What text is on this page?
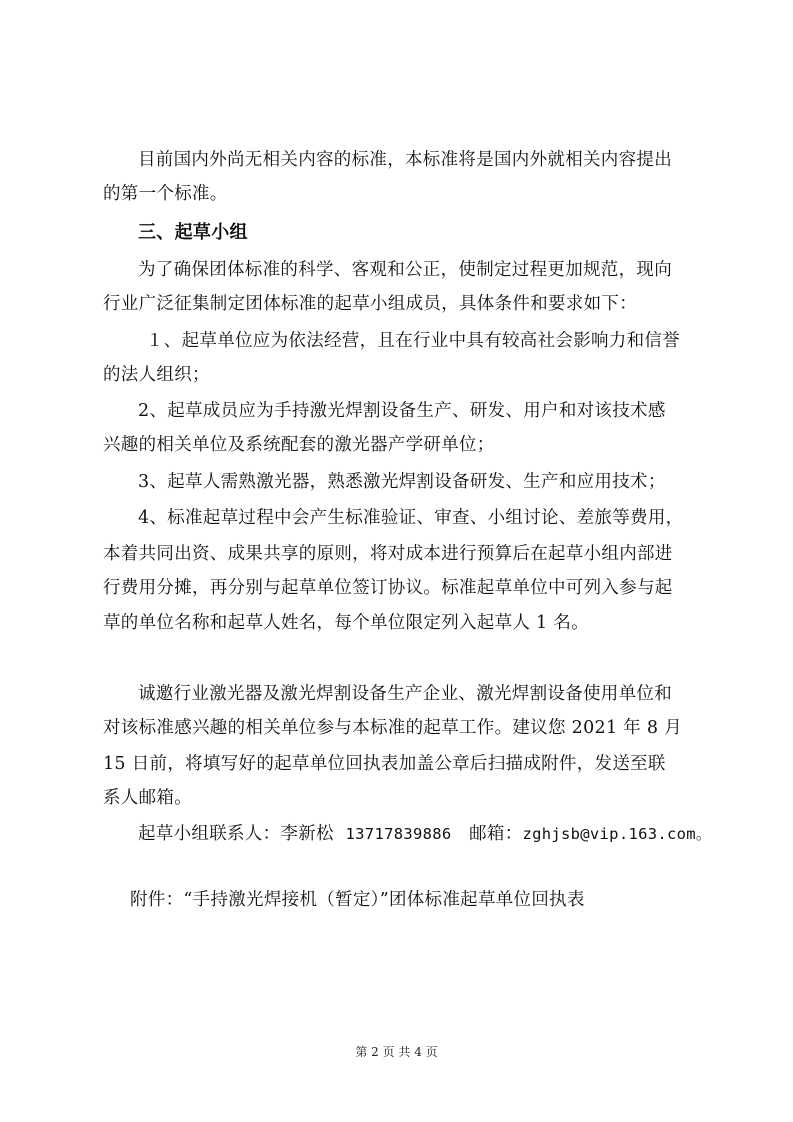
目前国内外尚无相关内容的标准，本标准将是国内外就相关内容提出
的第一个标准。
三、起草小组
为了确保团体标准的科学、客观和公正，使制定过程更加规范，现向
行业广泛征集制定团体标准的起草小组成员，具体条件和要求如下：
１、起草单位应为依法经营，且在行业中具有较高社会影响力和信誉
的法人组织；
2、起草成员应为手持激光焊割设备生产、研发、用户和对该技术感
兴趣的相关单位及系统配套的激光器产学研单位；
3、起草人需熟激光器，熟悉激光焊割设备研发、生产和应用技术；
4、标准起草过程中会产生标准验证、审查、小组讨论、差旅等费用，
本着共同出资、成果共享的原则，将对成本进行预算后在起草小组内部进
行费用分摊，再分别与起草单位签订协议。标准起草单位中可列入参与起
草的单位名称和起草人姓名，每个单位限定列入起草人 1 名。
诚邀行业激光器及激光焊割设备生产企业、激光焊割设备使用单位和
对该标准感兴趣的相关单位参与本标准的起草工作。建议您 2021 年 8 月
15 日前，将填写好的起草单位回执表加盖公章后扫描成附件，发送至联
系人邮箱。
起草小组联系人：李新松 13717839886 邮箱：zghjsb@vip.163.com。
附件：“手持激光焊接机（暂定）”团体标准起草单位回执表
第 2 页 共 4 页
